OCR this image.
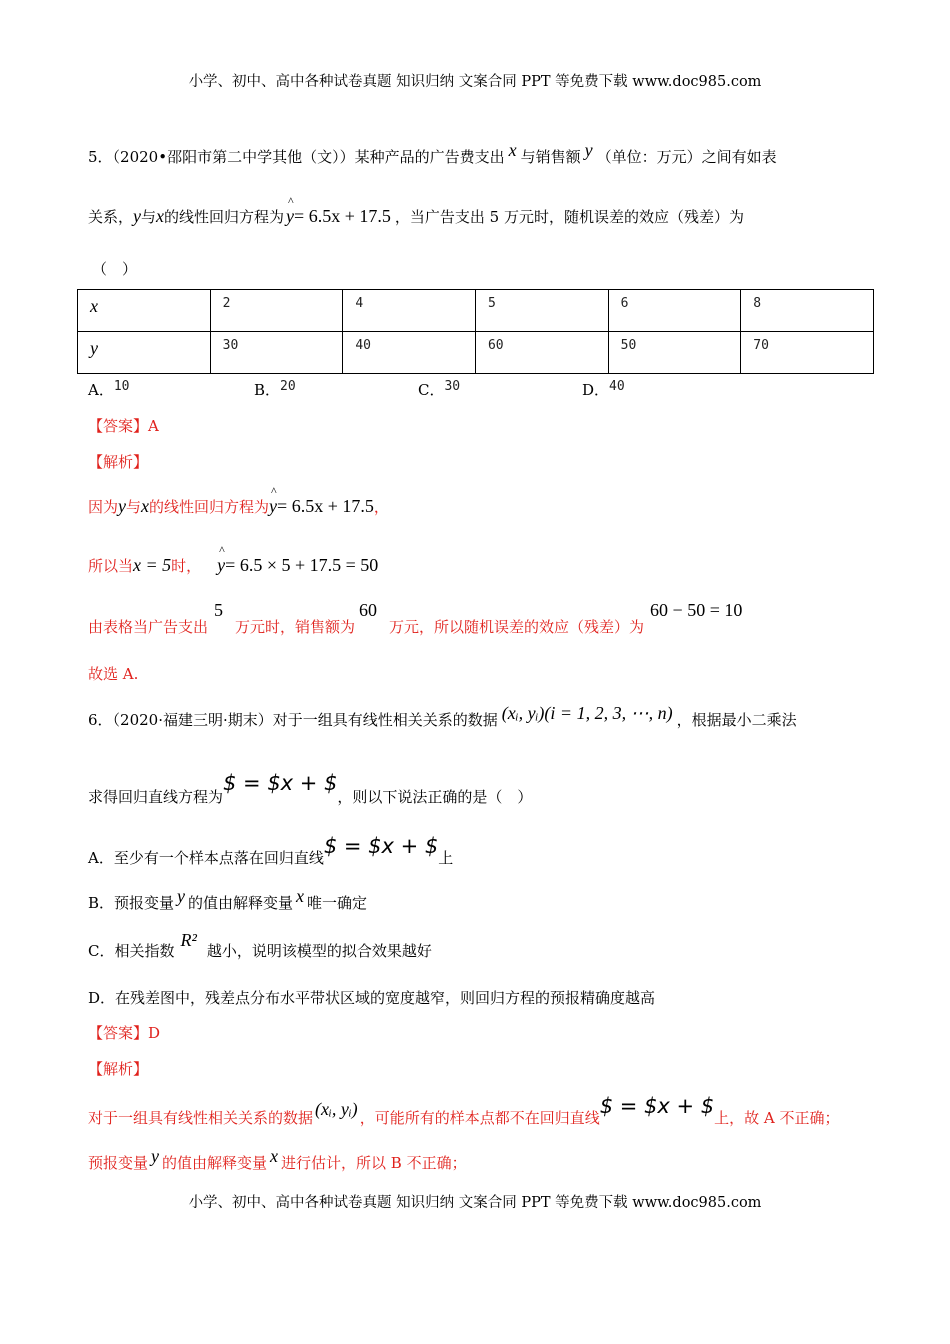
小学、初中、高中各种试卷真题 知识归纳 文案合同 PPT 等免费下载 www.doc985.com
5．（2020•邵阳市第二中学其他（文））某种产品的广告费支出 x 与销售额 y （单位：万元）之间有如表
关系，y与x的线性回归方程为 ^ y= 6.5x + 17.5 ，当广告支出 5 万元时，随机误差的效应（残差）为
（　）
x	2	4	5	6	8
y	30	40	60	50	70
A．10	B．20	C．30	D．40
【答案】A
【解析】
因为y与x的线性回归方程为^ y= 6.5x + 17.5，
所以当x = 5时， ^ y= 6.5 × 5 + 17.5 = 50
由表格当广告支出5万元时，销售额为60万元，所以随机误差的效应（残差）为60 − 50 = 10
故选 A.
6．（2020·福建三明·期末）对于一组具有线性相关关系的数据 (xᵢ, yᵢ)(i = 1, 2, 3, ⋯, n) ，根据最小二乘法
求得回归直线方程为$ = $x + $，则以下说法正确的是（　）
A．至少有一个样本点落在回归直线$ = $x + $上
B．预报变量 y 的值由解释变量 x 唯一确定
C．相关指数R²越小，说明该模型的拟合效果越好
D．在残差图中，残差点分布水平带状区域的宽度越窄，则回归方程的预报精确度越高
【答案】D
【解析】
对于一组具有线性相关关系的数据 (xᵢ, yᵢ) ，可能所有的样本点都不在回归直线$ = $x + $上，故 A 不正确；
预报变量 y 的值由解释变量 x 进行估计，所以 B 不正确；
小学、初中、高中各种试卷真题 知识归纳 文案合同 PPT 等免费下载 www.doc985.com
